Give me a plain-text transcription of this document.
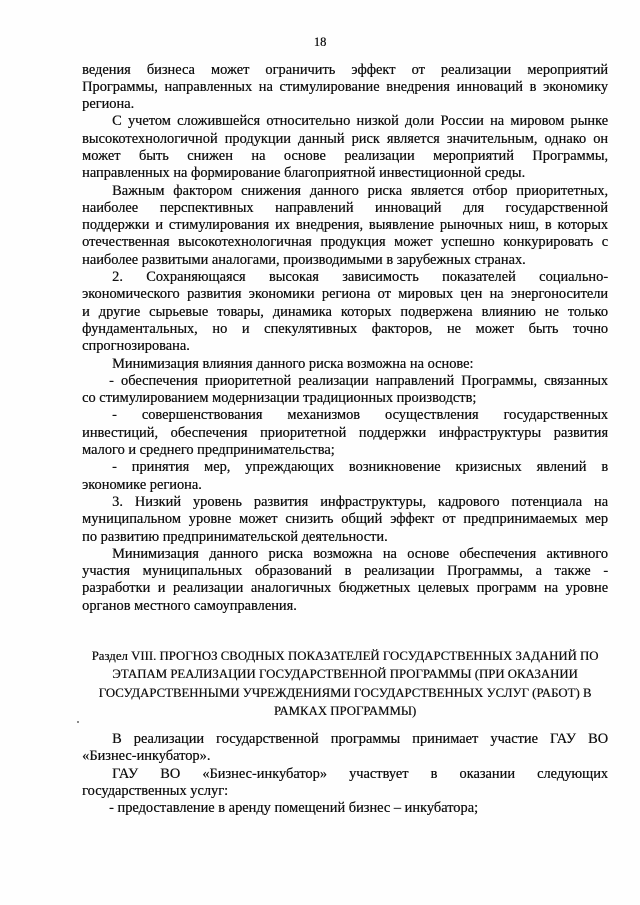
18
ведения бизнеса может ограничить эффект от реализации мероприятий
Программы, направленных на стимулирование внедрения инноваций в экономику
региона.
С учетом сложившейся относительно низкой доли России на мировом рынке
высокотехнологичной продукции данный риск является значительным, однако он
может быть снижен на основе реализации мероприятий Программы,
направленных на формирование благоприятной инвестиционной среды.
Важным фактором снижения данного риска является отбор приоритетных,
наиболее перспективных направлений инноваций для государственной
поддержки и стимулирования их внедрения, выявление рыночных ниш, в которых
отечественная высокотехнологичная продукция может успешно конкурировать с
наиболее развитыми аналогами, производимыми в зарубежных странах.
2. Сохраняющаяся высокая зависимость показателей социально-
экономического развития экономики региона от мировых цен на энергоносители
и другие сырьевые товары, динамика которых подвержена влиянию не только
фундаментальных, но и спекулятивных факторов, не может быть точно
спрогнозирована.
Минимизация влияния данного риска возможна на основе:
- обеспечения приоритетной реализации направлений Программы, связанных
со стимулированием модернизации традиционных производств;
- совершенствования механизмов осуществления государственных
инвестиций, обеспечения приоритетной поддержки инфраструктуры развития
малого и среднего предпринимательства;
- принятия мер, упреждающих возникновение кризисных явлений в
экономике региона.
3. Низкий уровень развития инфраструктуры, кадрового потенциала на
муниципальном уровне может снизить общий эффект от предпринимаемых мер
по развитию предпринимательской деятельности.
Минимизация данного риска возможна на основе обеспечения активного
участия муниципальных образований в реализации Программы, а также -
разработки и реализации аналогичных бюджетных целевых программ на уровне
органов местного самоуправления.
Раздел VIII. ПРОГНОЗ СВОДНЫХ ПОКАЗАТЕЛЕЙ ГОСУДАРСТВЕННЫХ ЗАДАНИЙ ПО
ЭТАПАМ РЕАЛИЗАЦИИ ГОСУДАРСТВЕННОЙ ПРОГРАММЫ (ПРИ ОКАЗАНИИ
ГОСУДАРСТВЕННЫМИ УЧРЕЖДЕНИЯМИ ГОСУДАРСТВЕННЫХ УСЛУГ (РАБОТ) В
РАМКАХ ПРОГРАММЫ)
В реализации государственной программы принимает участие ГАУ ВО
«Бизнес-инкубатор».
ГАУ ВО «Бизнес-инкубатор» участвует в оказании следующих
государственных услуг:
- предоставление в аренду помещений бизнес – инкубатора;
